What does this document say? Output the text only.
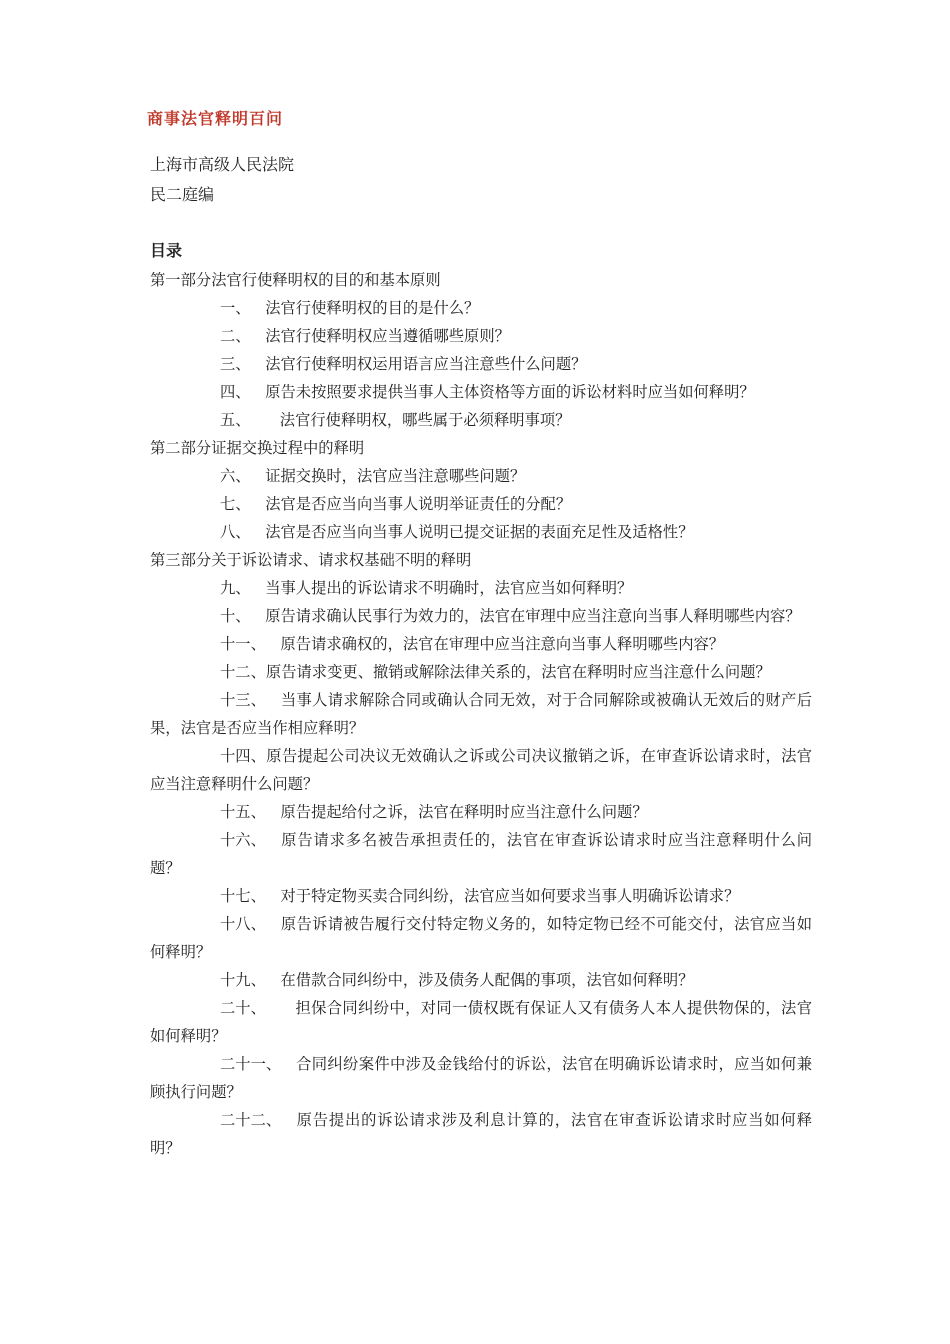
商事法官释明百问

上海市高级人民法院

民二庭编

目录

第一部分法官行使释明权的目的和基本原则

一、   法官行使释明权的目的是什么？

二、   法官行使释明权应当遵循哪些原则？

三、   法官行使释明权运用语言应当注意些什么问题？

四、   原告未按照要求提供当事人主体资格等方面的诉讼材料时应当如何释明？

五、      法官行使释明权，哪些属于必须释明事项？

第二部分证据交换过程中的释明

六、   证据交换时，法官应当注意哪些问题？

七、   法官是否应当向当事人说明举证责任的分配？

八、   法官是否应当向当事人说明已提交证据的表面充足性及适格性？

第三部分关于诉讼请求、请求权基础不明的释明

九、   当事人提出的诉讼请求不明确时，法官应当如何释明？

十、   原告请求确认民事行为效力的，法官在审理中应当注意向当事人释明哪些内容？

十一、   原告请求确权的，法官在审理中应当注意向当事人释明哪些内容？

十二、原告请求变更、撤销或解除法律关系的，法官在释明时应当注意什么问题？

十三、   当事人请求解除合同或确认合同无效，对于合同解除或被确认无效后的财产后果，法官是否应当作相应释明？

十四、原告提起公司决议无效确认之诉或公司决议撤销之诉，在审查诉讼请求时，法官应当注意释明什么问题？

十五、   原告提起给付之诉，法官在释明时应当注意什么问题？

十六、   原告请求多名被告承担责任的，法官在审查诉讼请求时应当注意释明什么问题？

十七、   对于特定物买卖合同纠纷，法官应当如何要求当事人明确诉讼请求？

十八、   原告诉请被告履行交付特定物义务的，如特定物已经不可能交付，法官应当如何释明？

十九、   在借款合同纠纷中，涉及债务人配偶的事项，法官如何释明？

二十、      担保合同纠纷中，对同一债权既有保证人又有债务人本人提供物保的，法官如何释明？

二十一、   合同纠纷案件中涉及金钱给付的诉讼，法官在明确诉讼请求时，应当如何兼顾执行问题？

二十二、   原告提出的诉讼请求涉及利息计算的，法官在审查诉讼请求时应当如何释明？
